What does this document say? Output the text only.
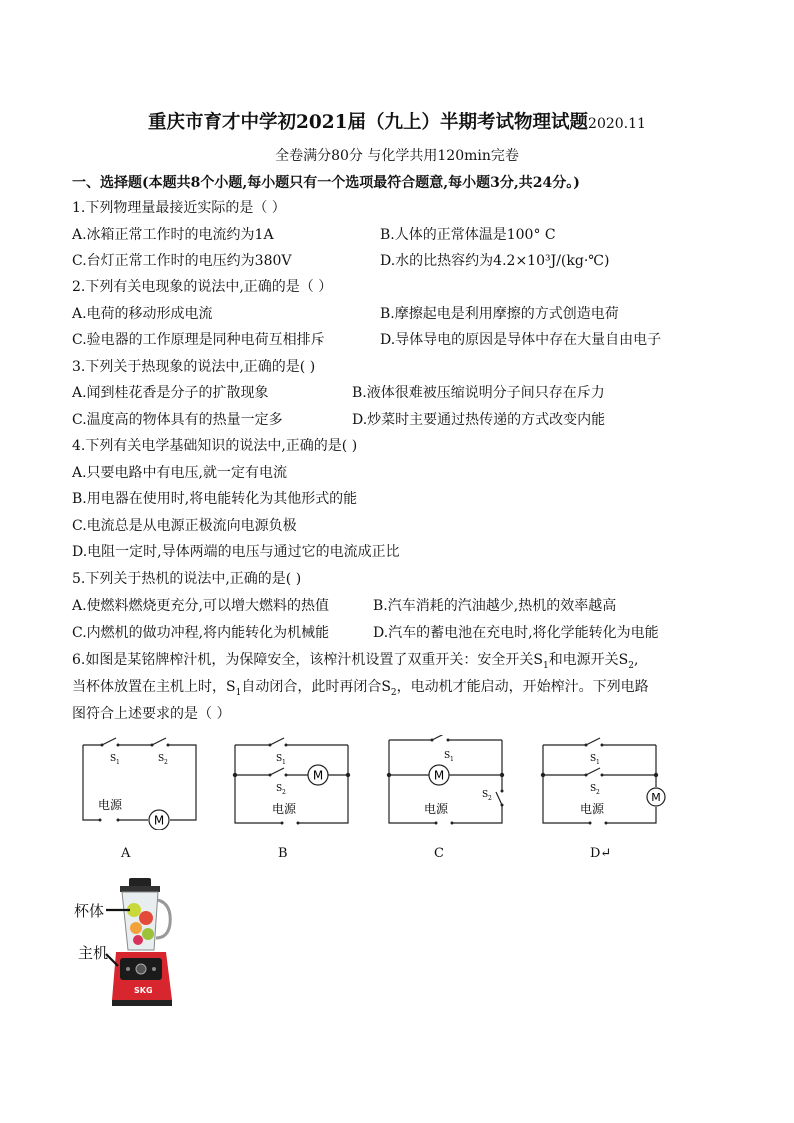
重庆市育才中学初2021届（九上）半期考试物理试题2020.11
全卷满分80分 与化学共用120min完卷
一、选择题(本题共8个小题,每小题只有一个选项最符合题意,每小题3分,共24分。)
1.下列物理量最接近实际的是（ ）
A.冰箱正常工作时的电流约为1A	B.人体的正常体温是100° C
C.台灯正常工作时的电压约为380V	D.水的比热容约为4.2×10³J/(kg·℃)
2.下列有关电现象的说法中,正确的是（ ）
A.电荷的移动形成电流	B.摩擦起电是利用摩擦的方式创造电荷
C.验电器的工作原理是同种电荷互相排斥	D.导体导电的原因是导体中存在大量自由电子
3.下列关于热现象的说法中,正确的是( )
A.闻到桂花香是分子的扩散现象	B.液体很难被压缩说明分子间只存在斥力
C.温度高的物体具有的热量一定多	D.炒菜时主要通过热传递的方式改变内能
4.下列有关电学基础知识的说法中,正确的是( )
A.只要电路中有电压,就一定有电流
B.用电器在使用时,将电能转化为其他形式的能
C.电流总是从电源正极流向电源负极
D.电阻一定时,导体两端的电压与通过它的电流成正比
5.下列关于热机的说法中,正确的是( )
A.使燃料燃烧更充分,可以增大燃料的热值	B.汽车消耗的汽油越少,热机的效率越高
C.内燃机的做功冲程,将内能转化为机械能	D.汽车的蓄电池在充电时,将化学能转化为电能
6.如图是某铭牌榨汁机，为保障安全，该榨汁机设置了双重开关：安全开关$S_1$和电源开关$S_2$,
当杯体放置在主机上时，$S_1$自动闭合，此时再闭合$S_2$，电动机才能启动，开始榨汁。下列电路
图符合上述要求的是（ ）
M
S 1	S 2
电源
M
S 1
S 2
电源
M
S 1
S 2
电源
M
S 1
S 2
电源
A	B	C	D↵
SKG
杯体
主机
